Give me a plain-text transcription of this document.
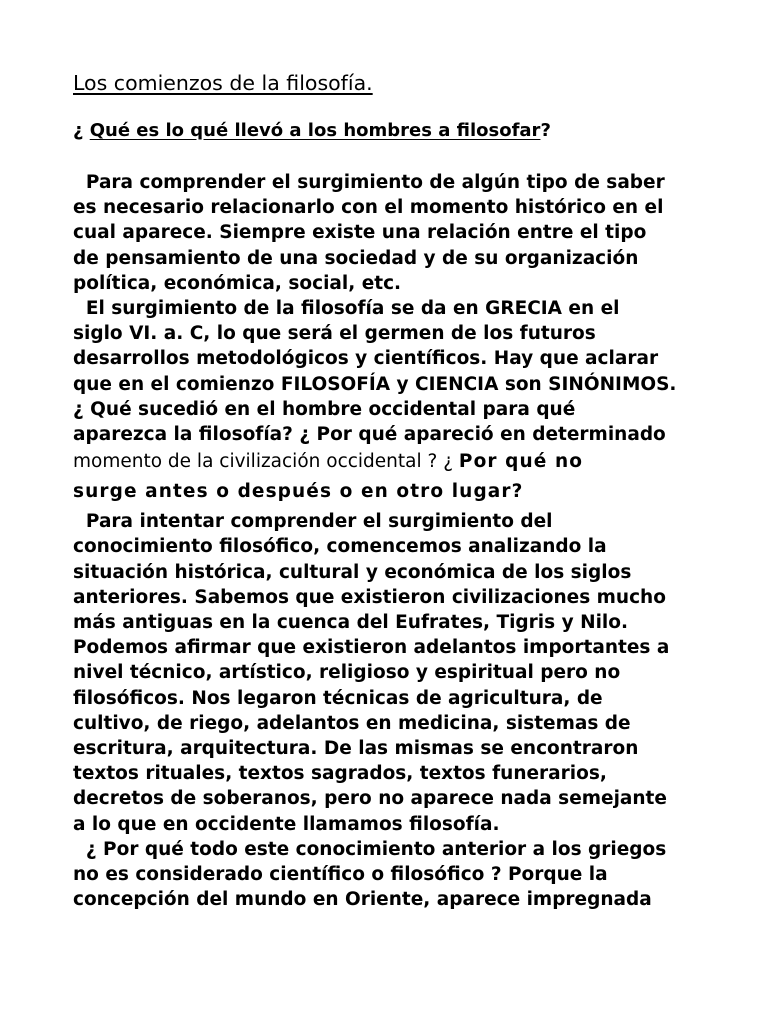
Los comienzos de la filosofía.
¿ Qué es lo qué llevó a los hombres a filosofar?
Para comprender el surgimiento de algún tipo de saber
es necesario relacionarlo con el momento histórico en el
cual aparece. Siempre existe una relación entre el tipo
de pensamiento de una sociedad y de su organización
política, económica, social, etc.
El surgimiento de la filosofía se da en GRECIA en el
siglo VI. a. C, lo que será el germen de los futuros
desarrollos metodológicos y científicos. Hay que aclarar
que en el comienzo FILOSOFÍA y CIENCIA son SINÓNIMOS.
¿ Qué sucedió en el hombre occidental para qué
aparezca la filosofía? ¿ Por qué apareció en determinado
momento de la civilización occidental ? ¿ Por qué no
surge antes o después o en otro lugar?
Para intentar comprender el surgimiento del
conocimiento filosófico, comencemos analizando la
situación histórica, cultural y económica de los siglos
anteriores. Sabemos que existieron civilizaciones mucho
más antiguas en la cuenca del Eufrates, Tigris y Nilo.
Podemos afirmar que existieron adelantos importantes a
nivel técnico, artístico, religioso y espiritual pero no
filosóficos. Nos legaron técnicas de agricultura, de
cultivo, de riego, adelantos en medicina, sistemas de
escritura, arquitectura. De las mismas se encontraron
textos rituales, textos sagrados, textos funerarios,
decretos de soberanos, pero no aparece nada semejante
a lo que en occidente llamamos filosofía.
¿ Por qué todo este conocimiento anterior a los griegos
no es considerado científico o filosófico ? Porque la
concepción del mundo en Oriente, aparece impregnada
